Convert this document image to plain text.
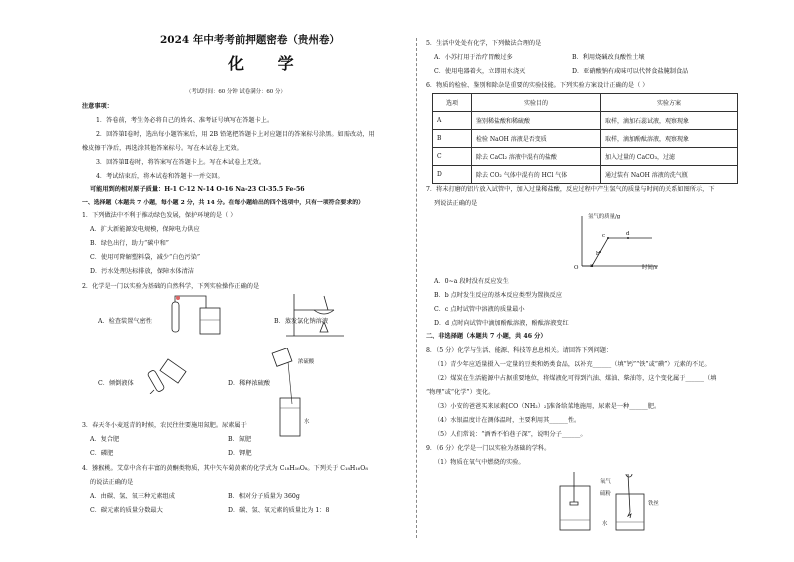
2024 年中考考前押题密卷（贵州卷）
化 学
（考试时间：60 分钟 试卷满分：60 分）
注意事项：
1．答卷前，考生务必将自己的姓名、准考证号填写在答题卡上。
2．回答第Ⅰ卷时，选出每小题答案后，用 2B 铅笔把答题卡上对应题目的答案标号涂黑。如需改动，用
橡皮擦干净后，再选涂其他答案标号。写在本试卷上无效。
3．回答第Ⅱ卷时，将答案写在答题卡上。写在本试卷上无效。
4．考试结束后，将本试卷和答题卡一并交回。
可能用到的相对原子质量：H-1 C-12 N-14 O-16 Na-23 Cl-35.5 Fe-56
一、选择题（本题共 7 小题，每小题 2 分，共 14 分。在每小题给出的四个选项中，只有一项符合要求的）
1．下列做法中不利于推动绿色发展，保护环境的是（ ）
A．扩大新能源发电规模，保障电力供应
B．绿色出行，助力“碳中和”
C．使用可降解塑料袋，减少“白色污染”
D．污水处理达标排放，保障水体清洁
2．化学是一门以实验为基础的自然科学，下列实验操作正确的是
A．检查装置气密性	B．蒸发氯化钠溶液
C．倾倒液体
浓硫酸
水
D．稀释浓硫酸
3．春天冬小麦返青的时候，农民往往要施用氮肥。尿素属于
A．复合肥	B．氮肥
C．磷肥	D．钾肥
4．猕猴桃。艾草中含有丰富的黄酮类物质，其中矢车菊黄素的化学式为 C₁₈H₁₆O₈。下列关于 C₁₈H₁₆O₈
的说法正确的是
A．由碳、氢、氧三种元素组成	B．相对分子质量为 360g
C．碳元素的质量分数最大	D．碳、氢、氧元素的质量比为 1：8
5．生活中处处有化学，下列做法合理的是
A．小苏打用于治疗胃酸过多	B．利用烧碱改良酸性土壤
C．使用电器着火，立即用水浇灭	D．亚硝酸钠有咸味可以代替食盐腌制食品
6．物质的检验、鉴别和除杂是重要的实验技能。下列实验方案设计正确的是（ ）
选项	实验目的	实验方案
A	鉴别稀盐酸和稀硫酸	取样，滴加石蕊试液，观察现象
B	检验 NaOH 溶液是否变质	取样，滴加酚酞溶液，观察现象
C	除去 CaCl₂ 溶液中混有的盐酸	加入过量的 CaCO₃，过滤
D	除去 CO₂ 气体中混有的 HCl 气体	通过装有 NaOH 溶液的洗气瓶
7．将未打磨的铝片放入试管中，加入过量稀盐酸，反应过程中产生氢气的质量与时间的关系如图所示，下
列说法正确的是
氢气的质量/g
时间/s
O a
b
c	d
A．0~a 段时没有反应发生
B．b 点时发生反应的基本反应类型为置换反应
C．c 点时试管中溶液的质量最小
D．d 点时向试管中滴加酚酞溶液，酚酞溶液变红
二、非选择题（本题共 7 小题，共 46 分）
8．（5 分）化学与生活、能源、科技等息息相关。请回答下列问题：
（1）青少年应适量摄入一定量的豆类和奶类食品，以补充______（填“钙”“铁”或“碘”）元素的不足。
（2）煤炭在生活能源中占据重要地位，将煤液化可得到汽油、煤油、柴油等，这个变化属于______（填
“物理”或“化学”）变化。
（3）小安的爸爸买来尿素[CO（NH₂）₂]准备给菜地施用，尿素是一种______肥。
（4）水银温度计在测体温时，主要利用其______性。
（5）人们常说：“酒香不怕巷子深”，说明分子______。
9．（6 分）化学是一门以实验为基础的学科。
（1）物质在氧气中燃烧的实验。
氧气
硫粉
水
铁丝
